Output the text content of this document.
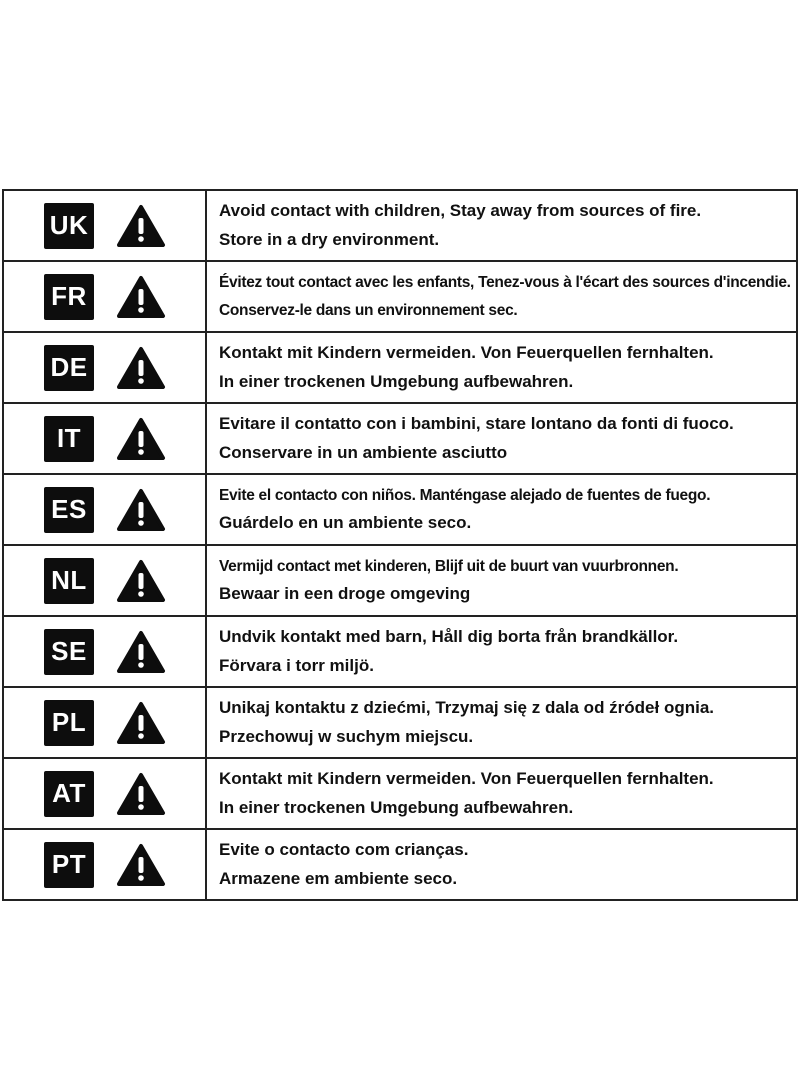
UK	Avoid contact with children, Stay away from sources of fire.
Store in a dry environment.
FR	Évitez tout contact avec les enfants, Tenez-vous à l'écart des sources d'incendie.
Conservez-le dans un environnement sec.
DE	Kontakt mit Kindern vermeiden. Von Feuerquellen fernhalten.
In einer trockenen Umgebung aufbewahren.
IT	Evitare il contatto con i bambini, stare lontano da fonti di fuoco.
Conservare in un ambiente asciutto
ES	Evite el contacto con niños. Manténgase alejado de fuentes de fuego.
Guárdelo en un ambiente seco.
NL	Vermijd contact met kinderen, Blijf uit de buurt van vuurbronnen.
Bewaar in een droge omgeving
SE	Undvik kontakt med barn, Håll dig borta från brandkällor.
Förvara i torr miljö.
PL	Unikaj kontaktu z dziećmi, Trzymaj się z dala od źródeł ognia.
Przechowuj w suchym miejscu.
AT	Kontakt mit Kindern vermeiden. Von Feuerquellen fernhalten.
In einer trockenen Umgebung aufbewahren.
PT	Evite o contacto com crianças.
Armazene em ambiente seco.
